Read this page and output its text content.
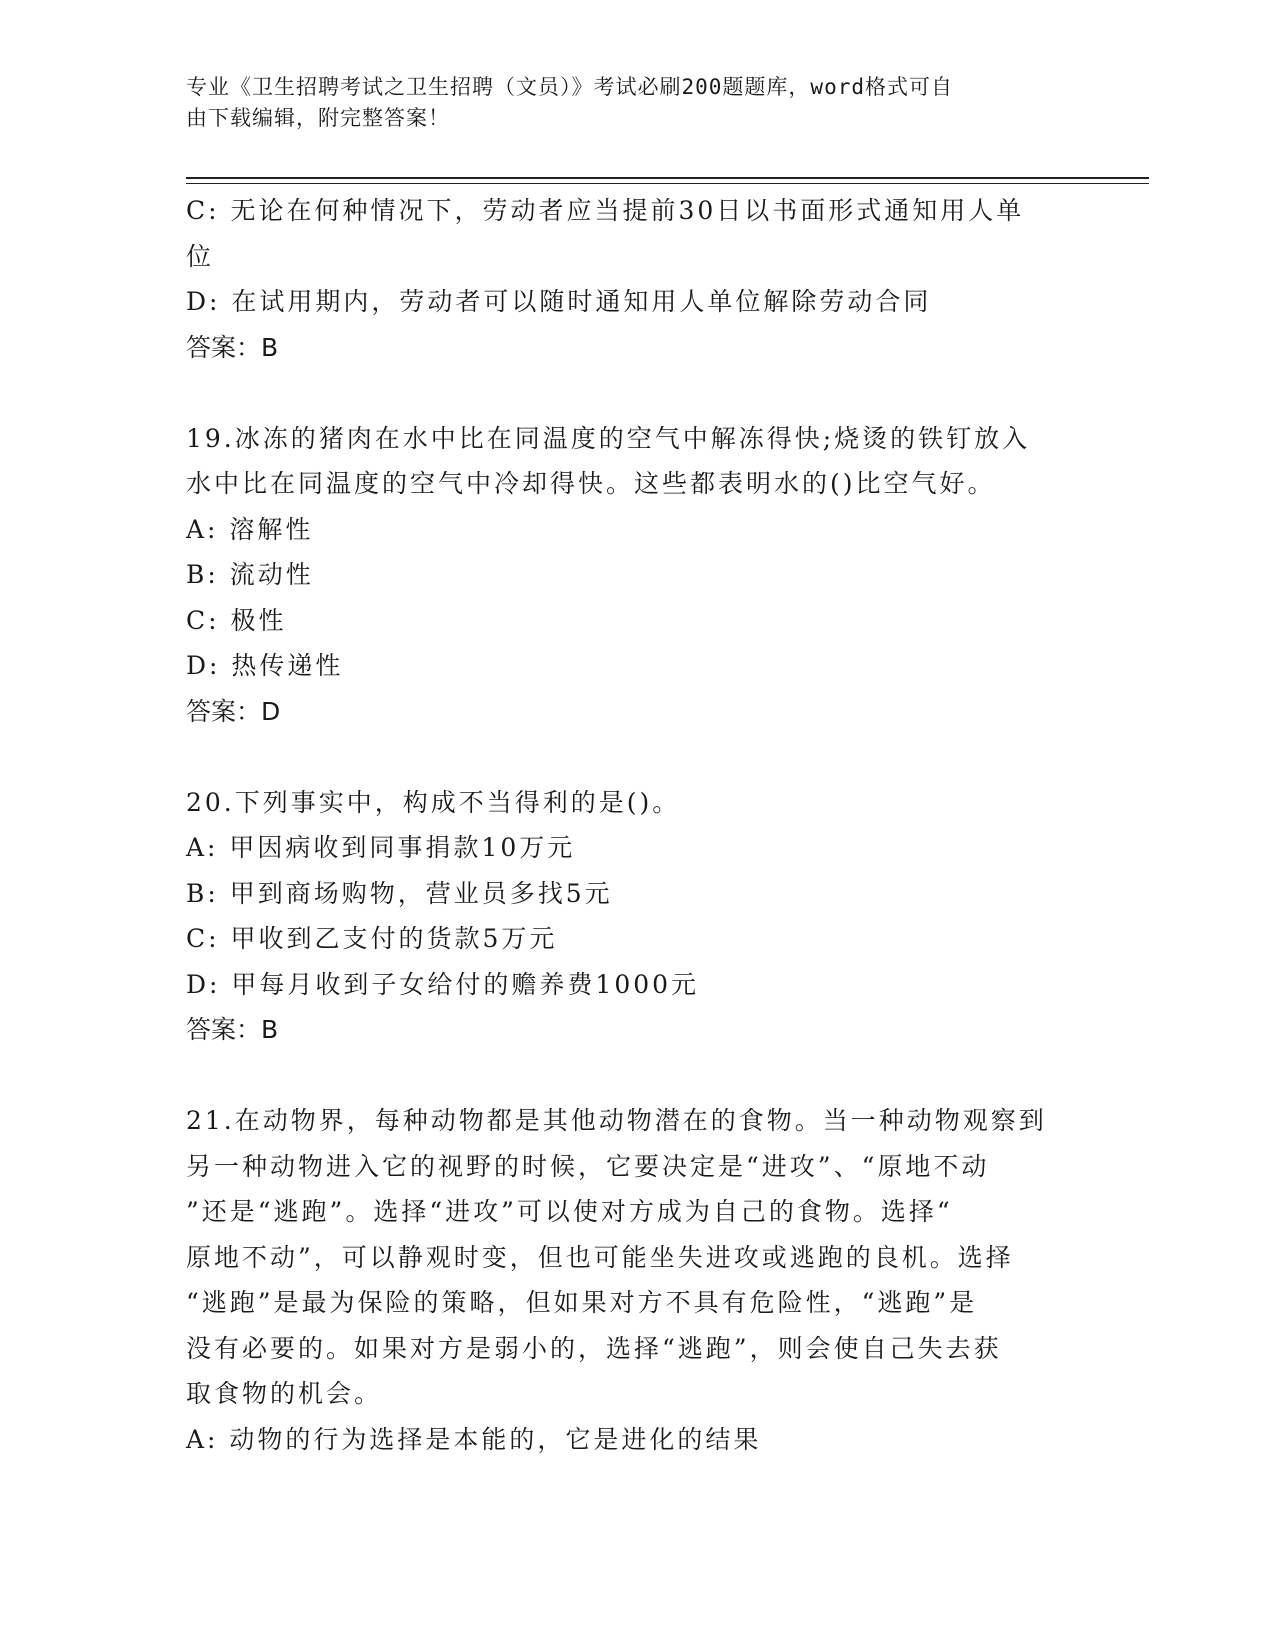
专业《卫生招聘考试之卫生招聘（文员）》考试必刷200题题库，word格式可自
由下载编辑，附完整答案！
C: 无论在何种情况下，劳动者应当提前30日以书面形式通知用人单
位
D: 在试用期内，劳动者可以随时通知用人单位解除劳动合同
答案：B
19.冰冻的猪肉在水中比在同温度的空气中解冻得快;烧烫的铁钉放入
水中比在同温度的空气中冷却得快。这些都表明水的()比空气好。
A: 溶解性
B: 流动性
C: 极性
D: 热传递性
答案：D
20.下列事实中，构成不当得利的是()。
A: 甲因病收到同事捐款10万元
B: 甲到商场购物，营业员多找5元
C: 甲收到乙支付的货款5万元
D: 甲每月收到子女给付的赡养费1000元
答案：B
21.在动物界，每种动物都是其他动物潜在的食物。当一种动物观察到
另一种动物进入它的视野的时候，它要决定是“进攻”、“原地不动
”还是“逃跑”。选择“进攻”可以使对方成为自己的食物。选择“
原地不动”，可以静观时变，但也可能坐失进攻或逃跑的良机。选择
“逃跑”是最为保险的策略，但如果对方不具有危险性，“逃跑”是
没有必要的。如果对方是弱小的，选择“逃跑”，则会使自己失去获
取食物的机会。
A: 动物的行为选择是本能的，它是进化的结果
